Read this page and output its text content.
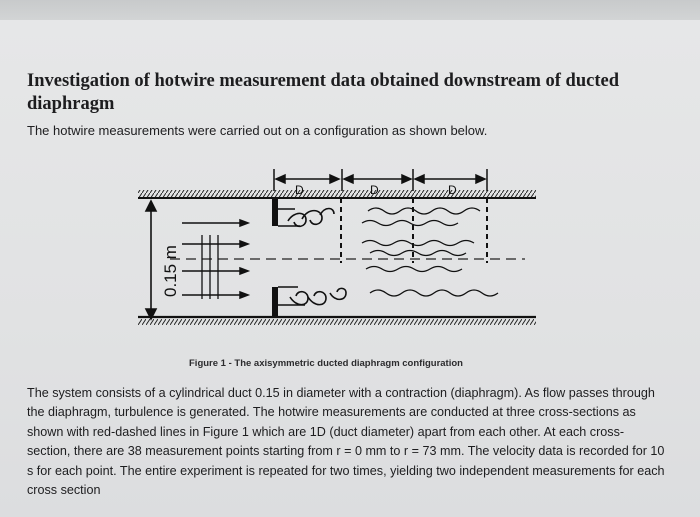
Investigation of hotwire measurement data obtained downstream of ducted diaphragm
The hotwire measurements were carried out on a configuration as shown below.
0.15 m
D	D	D
Figure 1 - The axisymmetric ducted diaphragm configuration
The system consists of a cylindrical duct 0.15 in diameter with a contraction (diaphragm). As flow passes through the diaphragm, turbulence is generated. The hotwire measurements are conducted at three cross-sections as shown with red-dashed lines in Figure 1 which are 1D (duct diameter) apart from each other. At each cross-section, there are 38 measurement points starting from r = 0 mm to r = 73 mm. The velocity data is recorded for 10 s for each point. The entire experiment is repeated for two times, yielding two independent measurements for each cross section
